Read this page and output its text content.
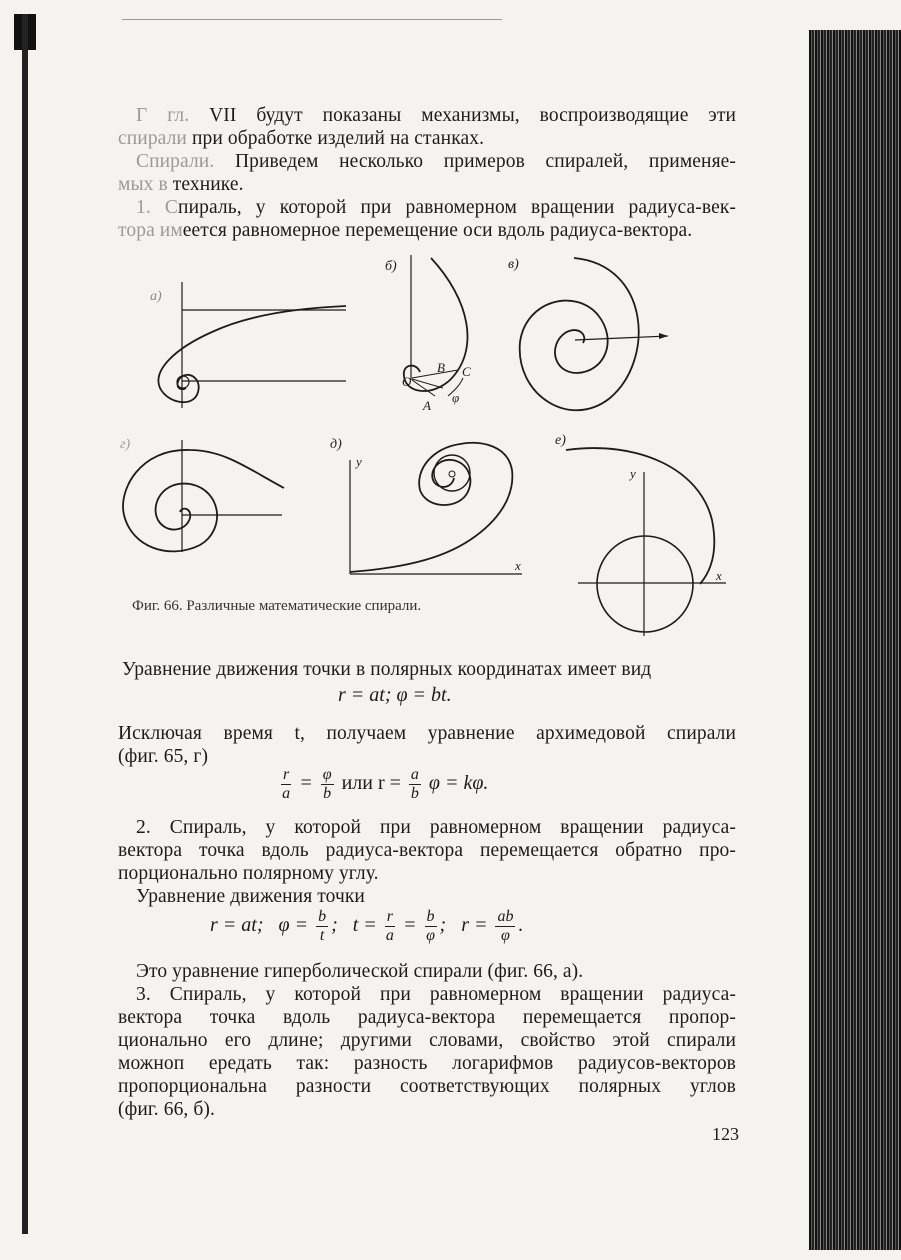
Г гл. VII будут показаны механизмы, воспроизводящие эти

спирали при обработке изделий на станках.

Спирали. Приведем несколько примеров спиралей, применяе-

мых в технике.

1. Спираль, у которой при равномерном вращении радиуса-век-

тора имеется равномерное перемещение оси вдоль радиуса-вектора.

а)
б)	в)
г)	д)	е)
В С
О
А
φ
у
х
у
х
Фиг. 66. Различные математические спирали.

Уравнение движения точки в полярных координатах имеет вид

r = at; φ = bt.

Исключая время t, получаем уравнение архимедовой спирали

(фиг. 65, г)

$\frac{r}{a} = \frac{\varphi}{b}$ или $r = \frac{a}{b}$ φ = kφ.

2. Спираль, у которой при равномерном вращении радиуса-

вектора точка вдоль радиуса-вектора перемещается обратно про-

порционально полярному углу.

Уравнение движения точки

r = at; $\varphi = \frac{b}{t}$ ; $t = \frac{r}{a} = \frac{b}{\varphi}$ ; $r = \frac{ab}{\varphi}$ .

Это уравнение гиперболической спирали (фиг. 66, а).

3. Спираль, у которой при равномерном вращении радиуса-

вектора точка вдоль радиуса-вектора перемещается пропор-

ционально его длине; другими словами, свойство этой спирали

можноп ередать так: разность логарифмов радиусов-векторов

пропорциональна разности соответствующих полярных углов

(фиг. 66, б).

123
